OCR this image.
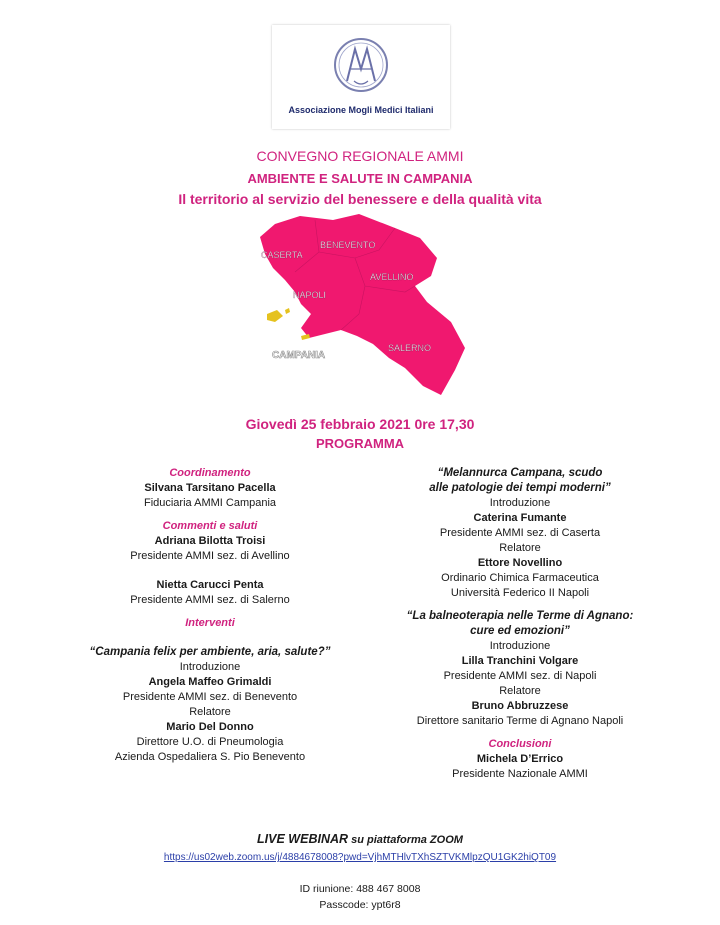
Associazione Mogli Medici Italiani
CONVEGNO REGIONALE AMMI
AMBIENTE E SALUTE IN CAMPANIA
Il territorio al servizio del benessere e della qualità vita
CASERTA
BENEVENTO
AVELLINO
NAPOLI
SALERNO
CAMPANIA
Giovedì 25 febbraio 2021 0re 17,30
PROGRAMMA
Coordinamento
Silvana Tarsitano Pacella
Fiduciaria AMMI Campania
Commenti e saluti
Adriana Bilotta Troisi
Presidente AMMI sez. di Avellino
Nietta Carucci Penta
Presidente AMMI sez. di Salerno
Interventi
“Campania felix per ambiente, aria, salute?”
Introduzione
Angela Maffeo Grimaldi
Presidente AMMI sez. di Benevento
Relatore
Mario Del Donno
Direttore U.O. di Pneumologia
Azienda Ospedaliera S. Pio Benevento
“Melannurca Campana, scudo
alle patologie dei tempi moderni”
Introduzione
Caterina Fumante
Presidente AMMI sez. di Caserta
Relatore
Ettore Novellino
Ordinario Chimica Farmaceutica
Università Federico II Napoli
“La balneoterapia nelle Terme di Agnano:
cure ed emozioni”
Introduzione
Lilla Tranchini Volgare
Presidente AMMI sez. di Napoli
Relatore
Bruno Abbruzzese
Direttore sanitario Terme di Agnano Napoli
Conclusioni
Michela D’Errico
Presidente Nazionale AMMI
LIVE WEBINAR su piattaforma ZOOM
https://us02web.zoom.us/j/4884678008?pwd=VjhMTHlvTXhSZTVKMlpzQU1GK2hiQT09
ID riunione: 488 467 8008
Passcode: ypt6r8
